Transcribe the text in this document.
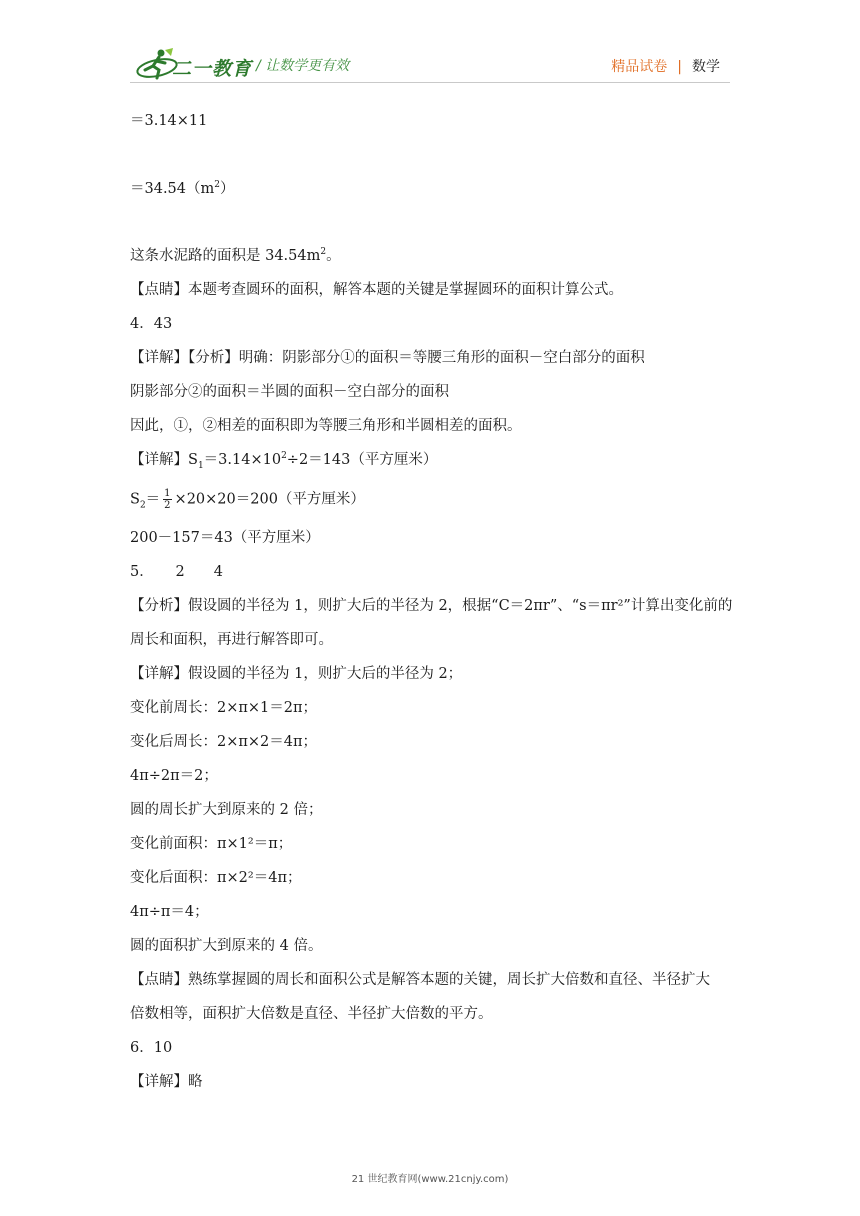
二一教育 / 让数学更有效	精品试卷 | 数学
＝3.14×11
$=34.54(m^2)$
这条水泥路的面积是 $34.54m^2$。
【点睛】本题考查圆环的面积，解答本题的关键是掌握圆环的面积计算公式。
4．43
【详解】【分析】明确：阴影部分①的面积＝等腰三角形的面积－空白部分的面积
阴影部分②的面积＝半圆的面积－空白部分的面积
因此，①，②相差的面积即为等腰三角形和半圆相差的面积。
【详解】$S_1=3.14\times 10^2\div 2=143$（平方厘米）
$S_2= \frac{1}{2} \times 20\times 20=200$（平方厘米）
200－157＝43（平方厘米）
5．　　2　　4
【分析】假设圆的半径为 1，则扩大后的半径为 2，根据“C＝2πr”、“s＝πr²”计算出变化前的
周长和面积，再进行解答即可。
【详解】假设圆的半径为 1，则扩大后的半径为 2；
变化前周长：2×π×1＝2π；
变化后周长：2×π×2＝4π；
4π÷2π＝2；
圆的周长扩大到原来的 2 倍；
变化前面积：π×1²＝π；
变化后面积：π×2²＝4π；
4π÷π＝4；
圆的面积扩大到原来的 4 倍。
【点睛】熟练掌握圆的周长和面积公式是解答本题的关键，周长扩大倍数和直径、半径扩大
倍数相等，面积扩大倍数是直径、半径扩大倍数的平方。
6．10
【详解】略
21 世纪教育网(www.21cnjy.com)
